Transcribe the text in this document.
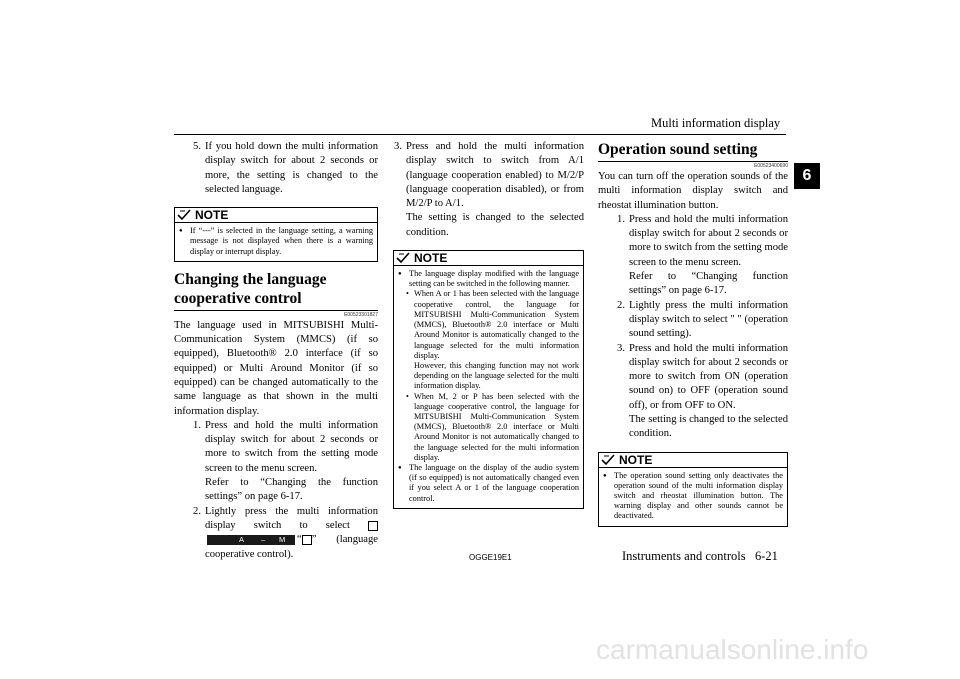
Multi information display
6
5. If you hold down the multi information display switch for about 2 seconds or more, the setting is changed to the selected language.
NOTE
● If “---” is selected in the language setting, a warning message is not displayed when there is a warning display or interrupt display.
Changing the language cooperative control
E00523301827
The language used in MITSUBISHI Multi-Communication System (MMCS) (if so equipped), Bluetooth® 2.0 interface (if so equipped) or Multi Around Monitor (if so equipped) can be changed automatically to the same language as that shown in the multi information display.
1. Press and hold the multi information display switch for about 2 seconds or more to switch from the setting mode screen to the menu screen.
Refer to “Changing the function settings” on page 6-17.
2. Lightly press the multi information display switch to select
A – M “ ” (language cooperative control).
3. Press and hold the multi information display switch to switch from A/1 (language cooperation enabled) to M/2/P (language cooperation disabled), or from M/2/P to A/1.
The setting is changed to the selected condition.
NOTE
● The language display modified with the language setting can be switched in the following manner.
• When A or 1 has been selected with the language cooperative control, the language for MITSUBISHI Multi-Communication System (MMCS), Bluetooth® 2.0 interface or Multi Around Monitor is automatically changed to the language selected for the multi information display.
However, this changing function may not work depending on the language selected for the multi information display.
• When M, 2 or P has been selected with the language cooperative control, the language for MITSUBISHI Multi-Communication System (MMCS), Bluetooth® 2.0 interface or Multi Around Monitor is not automatically changed to the language selected for the multi information display.
● The language on the display of the audio system (if so equipped) is not automatically changed even if you select A or 1 of the language cooperation control.
Operation sound setting
E00523400690
You can turn off the operation sounds of the multi information display switch and rheostat illumination button.
1. Press and hold the multi information display switch for about 2 seconds or more to switch from the setting mode screen to the menu screen.
Refer to “Changing function settings” on page 6-17.
2. Lightly press the multi information display switch to select " " (operation sound setting).
3. Press and hold the multi information display switch for about 2 seconds or more to switch from ON (operation sound on) to OFF (operation sound off), or from OFF to ON.
The setting is changed to the selected condition.
NOTE
● The operation sound setting only deactivates the operation sound of the multi information display switch and rheostat illumination button. The warning display and other sounds cannot be deactivated.
OGGE19E1	Instruments and controls 6-21
carmanualsonline.info
